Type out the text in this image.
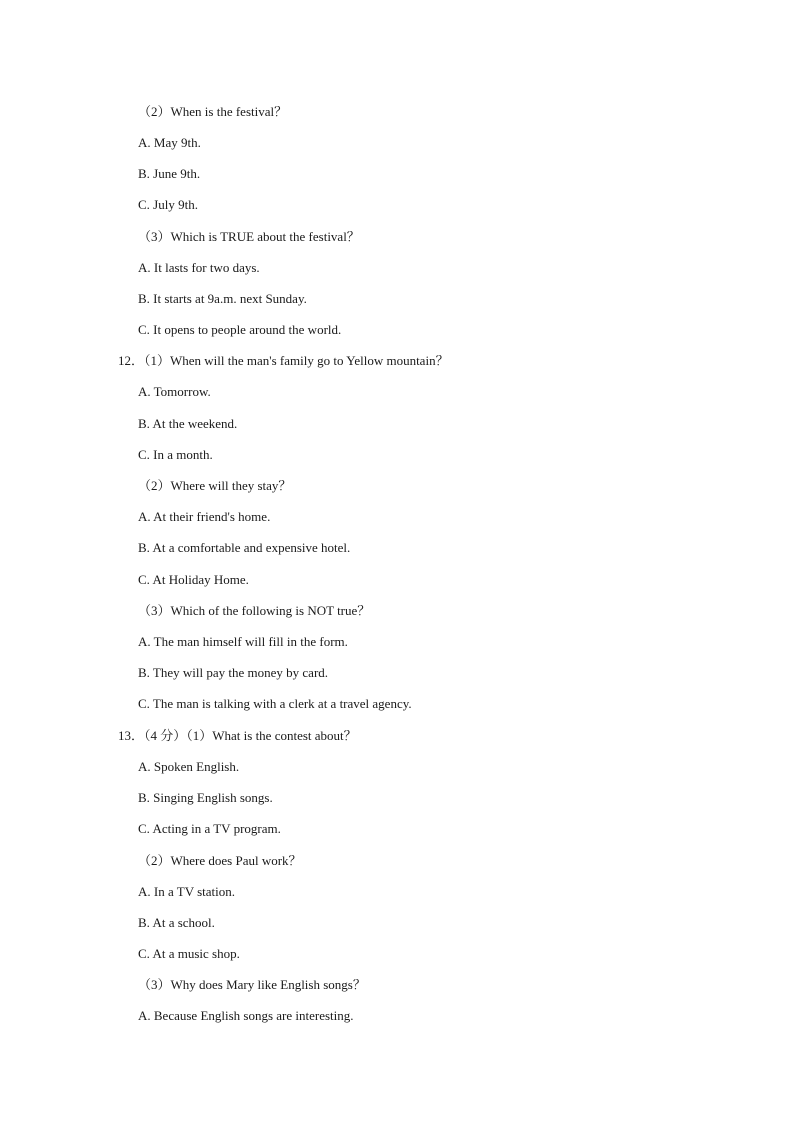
（2）When is the festival？
A. May 9th.
B. June 9th.
C. July 9th.
（3）Which is TRUE about the festival？
A. It lasts for two days.
B. It starts at 9a.m. next Sunday.
C. It opens to people around the world.
12．（1）When will the man's family go to Yellow mountain？
A. Tomorrow.
B. At the weekend.
C. In a month.
（2）Where will they stay？
A. At their friend's home.
B. At a comfortable and expensive hotel.
C. At Holiday Home.
（3）Which of the following is NOT true？
A. The man himself will fill in the form.
B. They will pay the money by card.
C. The man is talking with a clerk at a travel agency.
13．（4 分）（1）What is the contest about？
A. Spoken English.
B. Singing English songs.
C. Acting in a TV program.
（2）Where does Paul work？
A. In a TV station.
B. At a school.
C. At a music shop.
（3）Why does Mary like English songs？
A. Because English songs are interesting.
